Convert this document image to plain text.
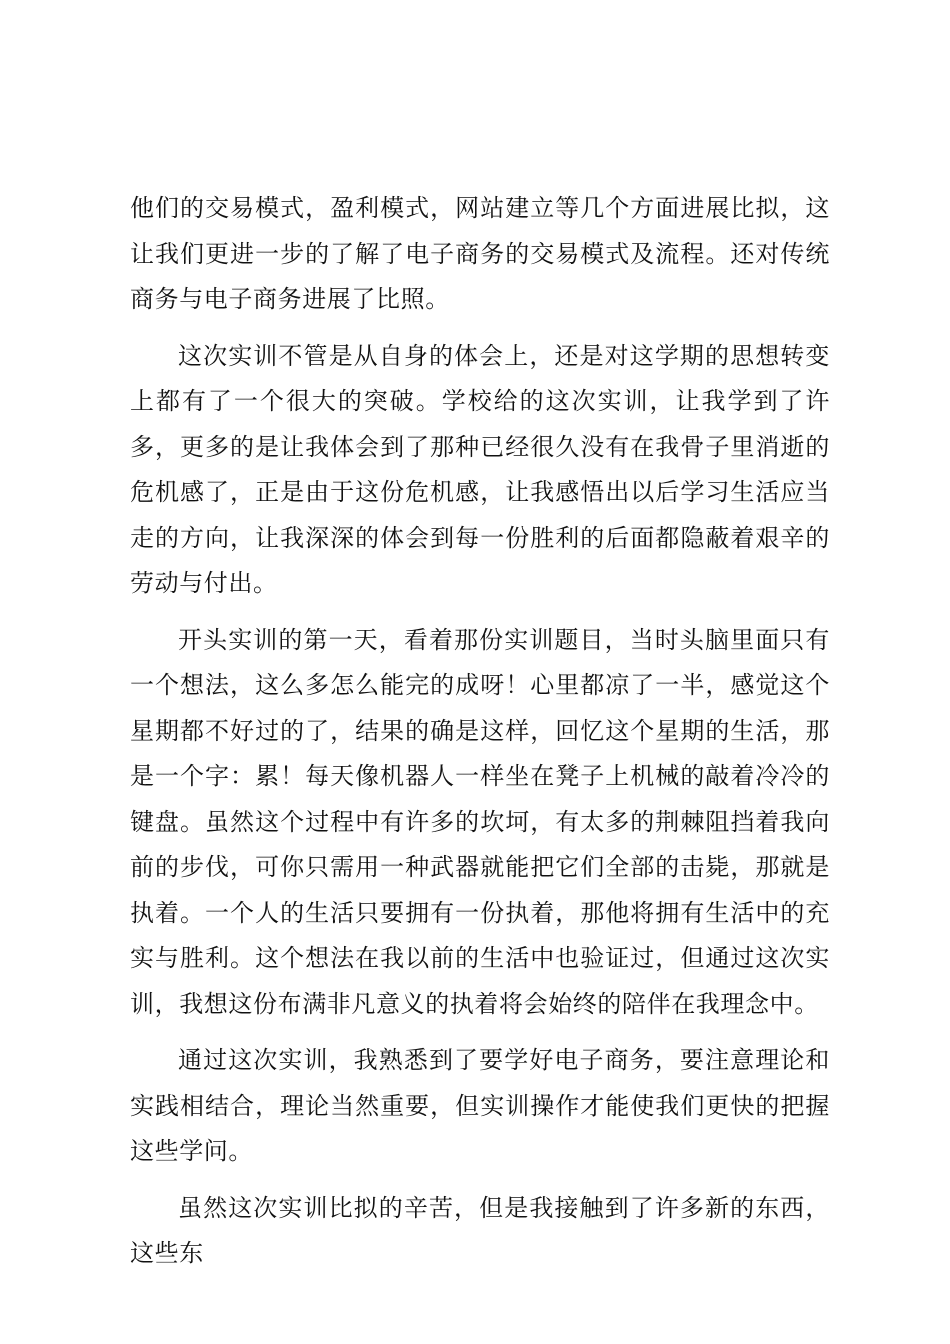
他们的交易模式，盈利模式，网站建立等几个方面进展比拟，这让我们更进一步的了解了电子商务的交易模式及流程。还对传统商务与电子商务进展了比照。

这次实训不管是从自身的体会上，还是对这学期的思想转变上都有了一个很大的突破。学校给的这次实训，让我学到了许多，更多的是让我体会到了那种已经很久没有在我骨子里消逝的危机感了，正是由于这份危机感，让我感悟出以后学习生活应当走的方向，让我深深的体会到每一份胜利的后面都隐蔽着艰辛的劳动与付出。

开头实训的第一天，看着那份实训题目，当时头脑里面只有一个想法，这么多怎么能完的成呀！心里都凉了一半，感觉这个星期都不好过的了，结果的确是这样，回忆这个星期的生活，那是一个字：累！每天像机器人一样坐在凳子上机械的敲着冷冷的键盘。虽然这个过程中有许多的坎坷，有太多的荆棘阻挡着我向前的步伐，可你只需用一种武器就能把它们全部的击毙，那就是执着。一个人的生活只要拥有一份执着，那他将拥有生活中的充实与胜利。这个想法在我以前的生活中也验证过，但通过这次实训，我想这份布满非凡意义的执着将会始终的陪伴在我理念中。

通过这次实训，我熟悉到了要学好电子商务，要注意理论和实践相结合，理论当然重要，但实训操作才能使我们更快的把握这些学问。

虽然这次实训比拟的辛苦，但是我接触到了许多新的东西，这些东
